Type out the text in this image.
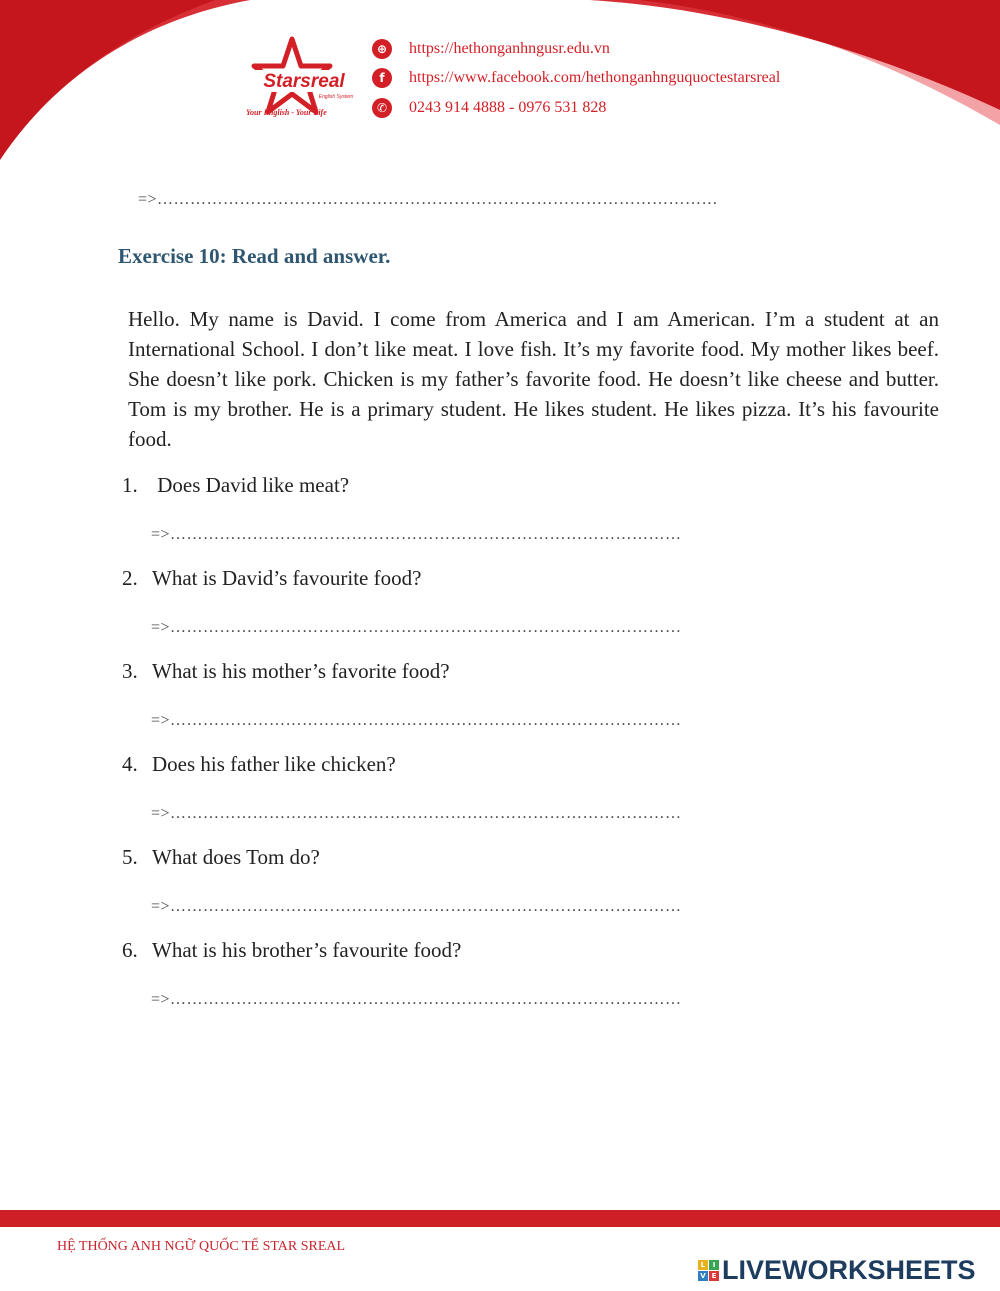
Starsreal
English System
Your English - Your Life
⊕	https://hethonganhngusr.edu.vn
f	https://www.facebook.com/hethonganhnguquoctestarsreal
✆	0243 914 4888 - 0976 531 828
=>…………………………………………………………………………………………
Exercise 10: Read and answer.
Hello. My name is David. I come from America and I am American. I’m a student at an International School. I don’t like meat. I love fish. It’s my favorite food. My mother likes beef. She doesn’t like pork. Chicken is my father’s favorite food. He doesn’t like cheese and butter. Tom is my brother. He is a primary student. He likes student. He likes pizza. It’s his favourite food.
1. Does David like meat?
=>…………………………………………………………………………………
2. What is David’s favourite food?
=>…………………………………………………………………………………
3. What is his mother’s favorite food?
=>…………………………………………………………………………………
4. Does his father like chicken?
=>…………………………………………………………………………………
5. What does Tom do?
=>…………………………………………………………………………………
6. What is his brother’s favourite food?
=>…………………………………………………………………………………
HỆ THỐNG ANH NGỮ QUỐC TẾ STAR SREAL
L	I
V E LIVEWORKSHEETS
